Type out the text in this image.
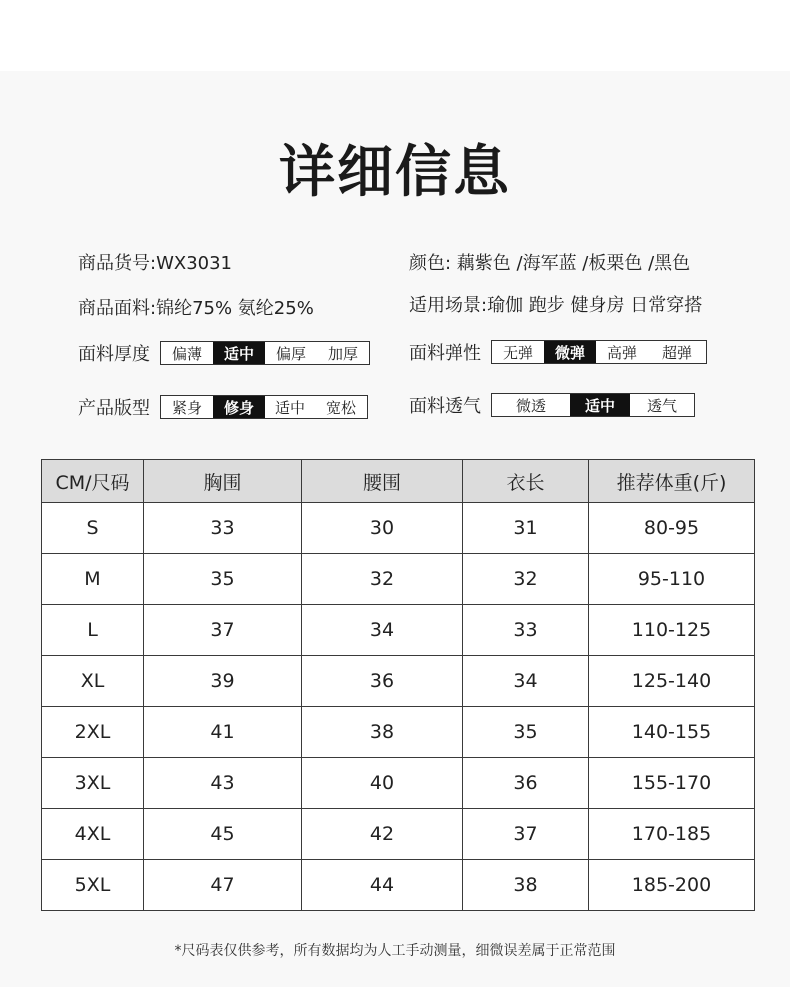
详细信息
商品货号:WX3031	颜色: 藕紫色 /海军蓝 /板栗色 /黑色
商品面料:锦纶75% 氨纶25%	适用场景:瑜伽 跑步 健身房 日常穿搭
面料厚度	偏薄	适中	偏厚	加厚	面料弹性	无弹	微弹	高弹	超弹
产品版型	紧身	修身	适中	宽松	面料透气	微透	适中	透气
CM/尺码	胸围	腰围	衣长	推荐体重(斤)
S	33	30	31	80-95
M	35	32	32	95-110
L	37	34	33	110-125
XL	39	36	34	125-140
2XL	41	38	35	140-155
3XL	43	40	36	155-170
4XL	45	42	37	170-185
5XL	47	44	38	185-200
*尺码表仅供参考，所有数据均为人工手动测量，细微误差属于正常范围
